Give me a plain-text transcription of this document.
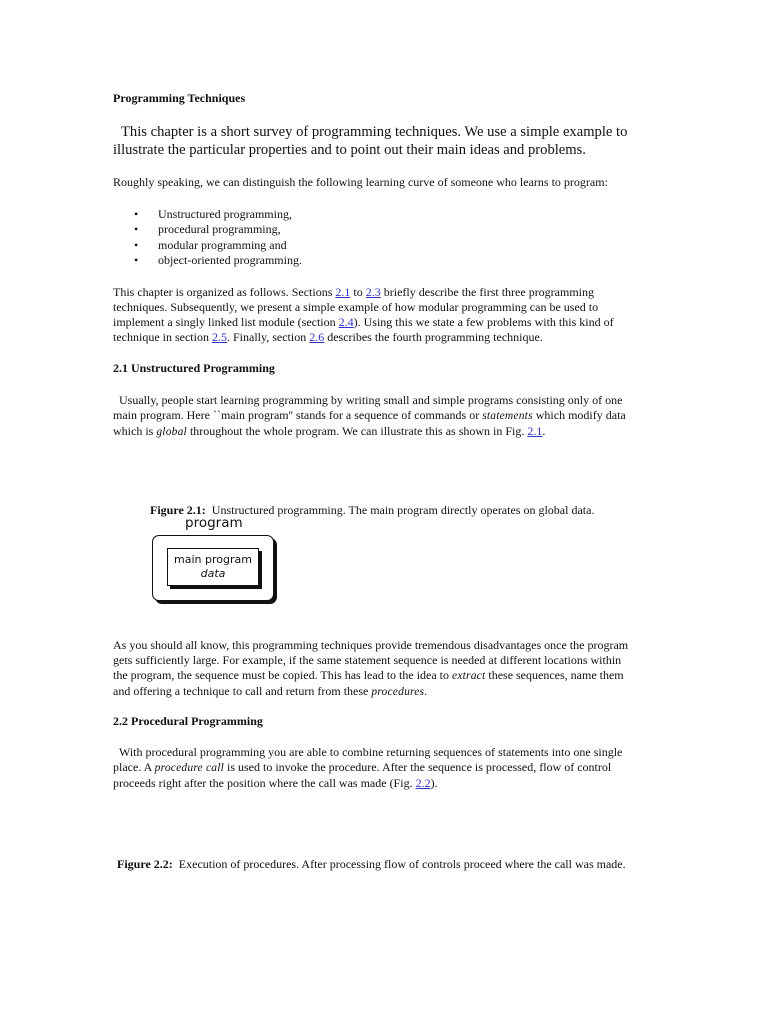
Programming Techniques

This chapter is a short survey of programming techniques. We use a simple example to
illustrate the particular properties and to point out their main ideas and problems.

Roughly speaking, we can distinguish the following learning curve of someone who learns to program:

• Unstructured programming,
• procedural programming,
• modular programming and
• object-oriented programming.

This chapter is organized as follows. Sections 2.1 to 2.3 briefly describe the first three programming
techniques. Subsequently, we present a simple example of how modular programming can be used to
implement a singly linked list module (section 2.4). Using this we state a few problems with this kind of
technique in section 2.5. Finally, section 2.6 describes the fourth programming technique.

2.1 Unstructured Programming

Usually, people start learning programming by writing small and simple programs consisting only of one
main program. Here ``main program'' stands for a sequence of commands or statements which modify data
which is global throughout the whole program. We can illustrate this as shown in Fig. 2.1.

Figure 2.1: Unstructured programming. The main program directly operates on global data.
program
main program
data

As you should all know, this programming techniques provide tremendous disadvantages once the program
gets sufficiently large. For example, if the same statement sequence is needed at different locations within
the program, the sequence must be copied. This has lead to the idea to extract these sequences, name them
and offering a technique to call and return from these procedures.

2.2 Procedural Programming

With procedural programming you are able to combine returning sequences of statements into one single
place. A procedure call is used to invoke the procedure. After the sequence is processed, flow of control
proceeds right after the position where the call was made (Fig. 2.2).

Figure 2.2: Execution of procedures. After processing flow of controls proceed where the call was made.
